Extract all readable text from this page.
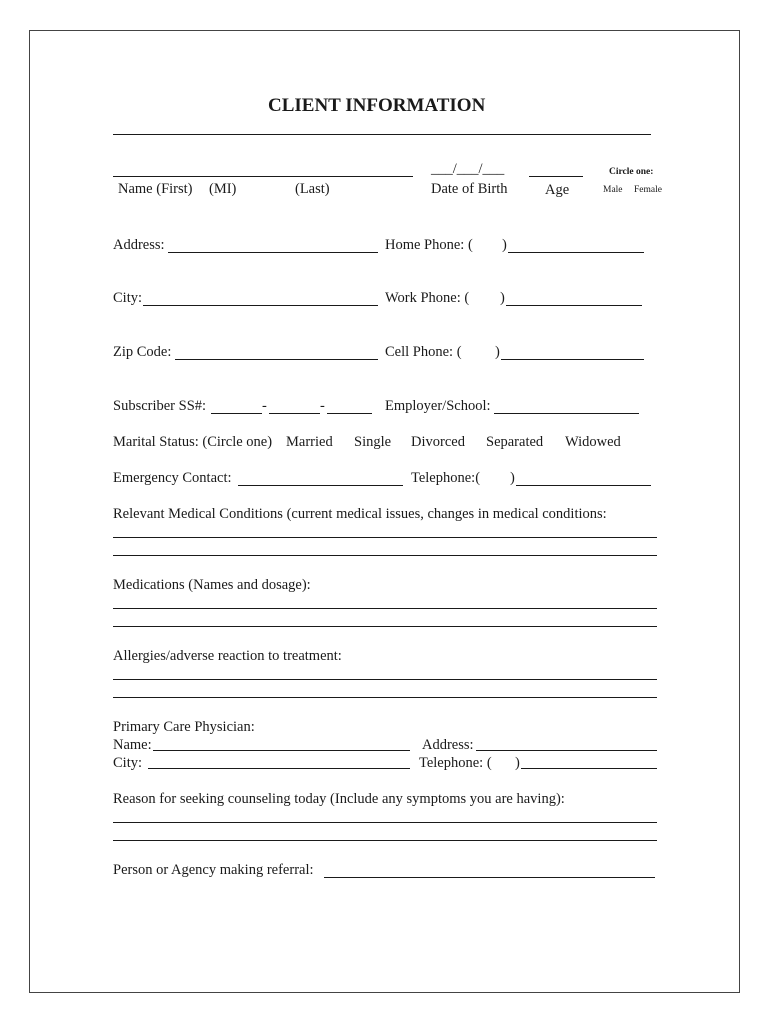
CLIENT INFORMATION
___/___/___	Circle one:
Name (First) (MI)	(Last)	Date of Birth	Age	Male Female
Address:	Home Phone: ( )
City:	Work Phone: ( )
Zip Code:	Cell Phone: ( )
Subscriber SS#:	-	-	Employer/School:
Marital Status: (Circle one) Married Single Divorced Separated Widowed
Emergency Contact:	Telephone:( )
Relevant Medical Conditions (current medical issues, changes in medical conditions:
Medications (Names and dosage):
Allergies/adverse reaction to treatment:
Primary Care Physician:
Name:	Address:
City:	Telephone: ( )
Reason for seeking counseling today (Include any symptoms you are having):
Person or Agency making referral:
